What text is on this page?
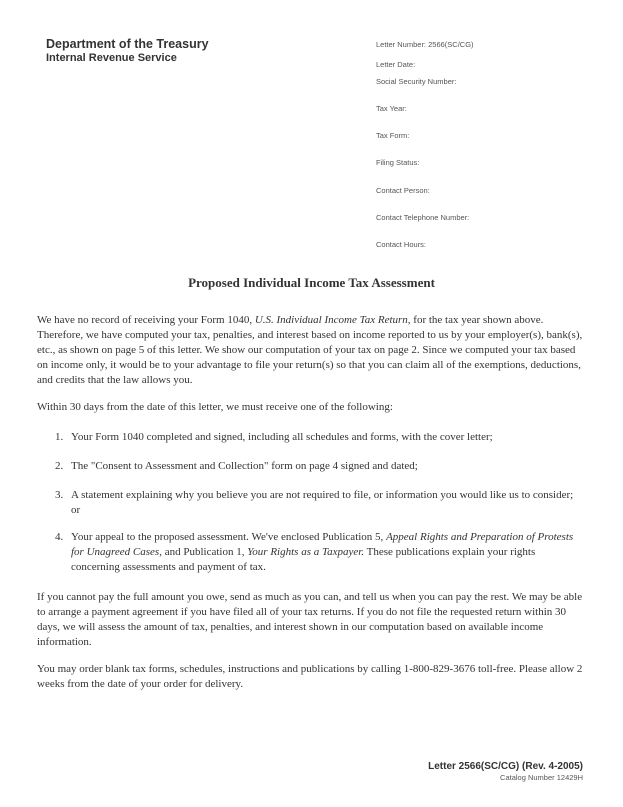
Department of the Treasury
Internal Revenue Service
Letter Number: 2566(SC/CG)
Letter Date:
Social Security Number:
Tax Year:
Tax Form:
Filing Status:
Contact Person:
Contact Telephone Number:
Contact Hours:
Proposed Individual Income Tax Assessment

We have no record of receiving your Form 1040, U.S. Individual Income Tax Return, for the tax year shown above. Therefore, we have computed your tax, penalties, and interest based on income reported to us by your employer(s), bank(s), etc., as shown on page 5 of this letter. We show our computation of your tax on page 2. Since we computed your tax based on income only, it would be to your advantage to file your return(s) so that you can claim all of the exemptions, deductions, and credits that the law allows you.

Within 30 days from the date of this letter, we must receive one of the following:
1. Your Form 1040 completed and signed, including all schedules and forms, with the cover letter;
2. The "Consent to Assessment and Collection" form on page 4 signed and dated;
3. A statement explaining why you believe you are not required to file, or information you would like us to consider; or
4. Your appeal to the proposed assessment. We've enclosed Publication 5, Appeal Rights and Preparation of Protests for Unagreed Cases, and Publication 1, Your Rights as a Taxpayer. These publications explain your rights concerning assessments and payment of tax.
If you cannot pay the full amount you owe, send as much as you can, and tell us when you can pay the rest. We may be able to arrange a payment agreement if you have filed all of your tax returns. If you do not file the requested return within 30 days, we will assess the amount of tax, penalties, and interest shown in our computation based on available income information.
You may order blank tax forms, schedules, instructions and publications by calling 1-800-829-3676 toll-free. Please allow 2 weeks from the date of your order for delivery.
Letter 2566(SC/CG) (Rev. 4-2005)
Catalog Number 12429H
